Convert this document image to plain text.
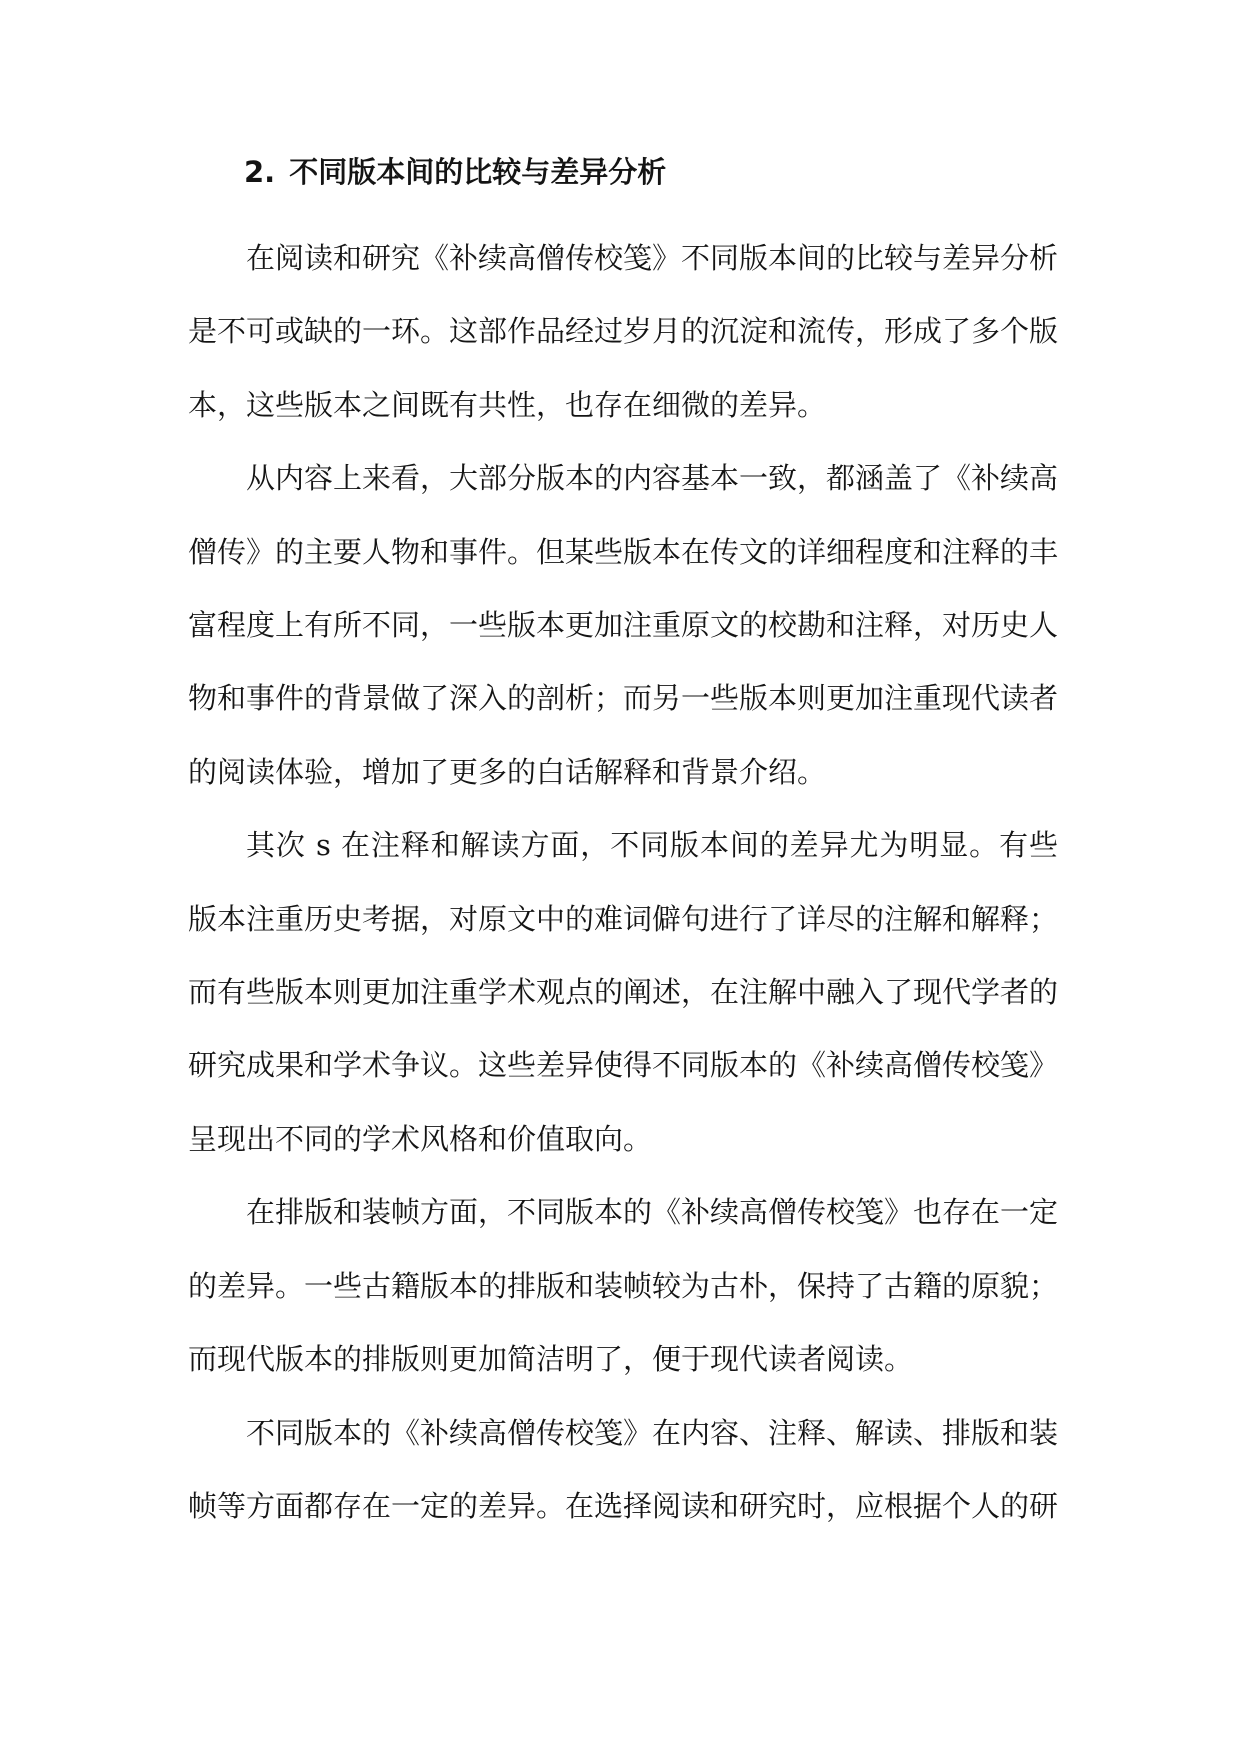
2. 不同版本间的比较与差异分析

在阅读和研究《补续高僧传校笺》不同版本间的比较与差异分析是不可或缺的一环。这部作品经过岁月的沉淀和流传，形成了多个版本，这些版本之间既有共性，也存在细微的差异。

从内容上来看，大部分版本的内容基本一致，都涵盖了《补续高僧传》的主要人物和事件。但某些版本在传文的详细程度和注释的丰富程度上有所不同，一些版本更加注重原文的校勘和注释，对历史人物和事件的背景做了深入的剖析；而另一些版本则更加注重现代读者的阅读体验，增加了更多的白话解释和背景介绍。

其次 s 在注释和解读方面，不同版本间的差异尤为明显。有些版本注重历史考据，对原文中的难词僻句进行了详尽的注解和解释；而有些版本则更加注重学术观点的阐述，在注解中融入了现代学者的研究成果和学术争议。这些差异使得不同版本的《补续高僧传校笺》呈现出不同的学术风格和价值取向。

在排版和装帧方面，不同版本的《补续高僧传校笺》也存在一定的差异。一些古籍版本的排版和装帧较为古朴，保持了古籍的原貌；而现代版本的排版则更加简洁明了，便于现代读者阅读。

不同版本的《补续高僧传校笺》在内容、注释、解读、排版和装帧等方面都存在一定的差异。在选择阅读和研究时，应根据个人的研
